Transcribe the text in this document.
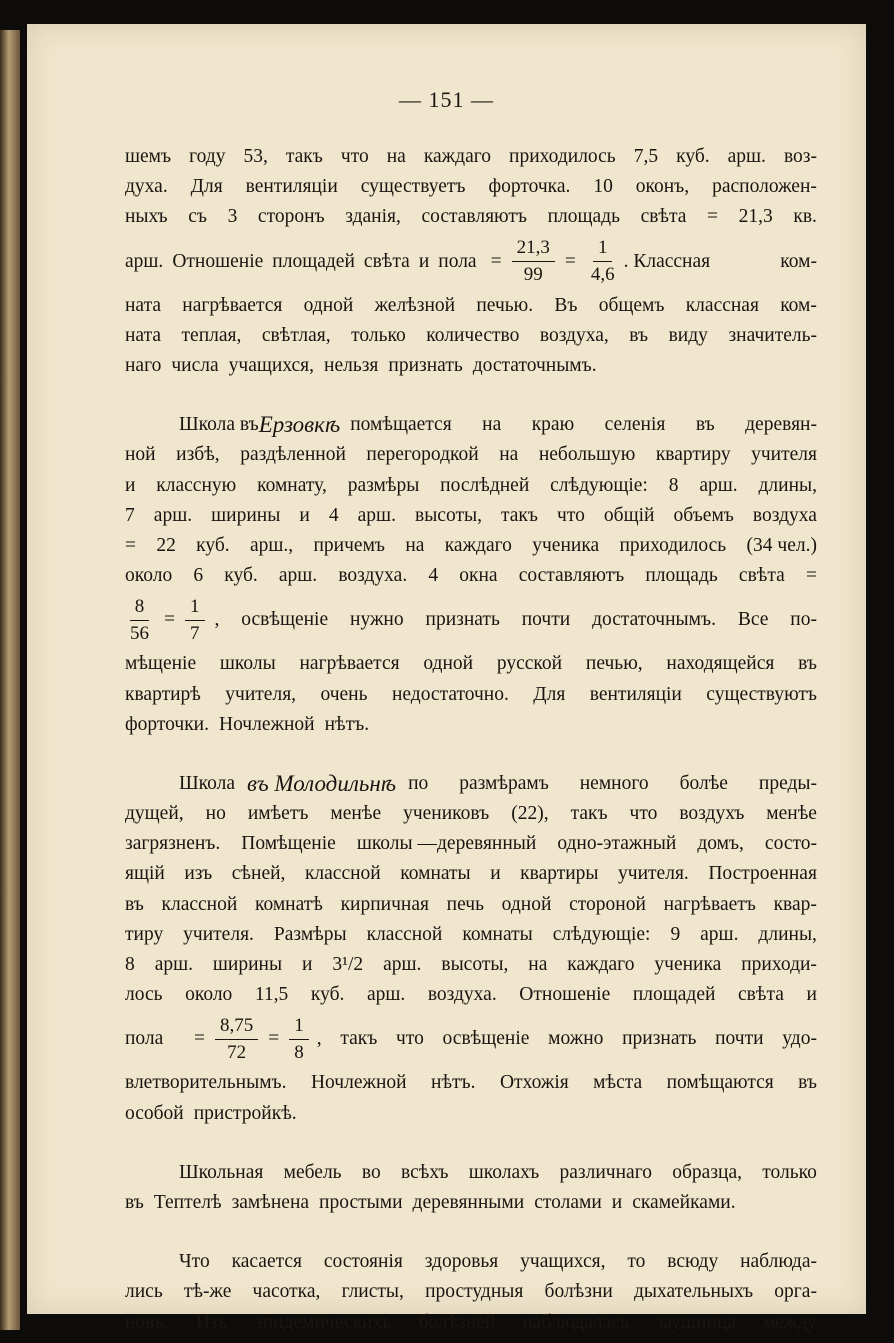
— 151 —
шемъ году 53, такъ что на каждаго приходилось 7,5 куб. арш. воз-
духа. Для вентиляціи существуетъ форточка. 10 оконъ, расположен-
ныхъ съ 3 сторонъ зданія, составляютъ площадь свѣта = 21,3 кв.
арш. Отношеніе площадей свѣта и пола = $\frac{21,3}{99} = \frac{1}{4,6}$ . Классная	ком-
ната нагрѣвается одной желѣзной печью. Въ общемъ классная ком-
ната теплая, свѣтлая, только количество воздуха, въ виду значитель-
наго числа учащихся, нельзя признать достаточнымъ.
Школа въ Ерзовкѣ помѣщается на краю селенія въ деревян-
ной избѣ, раздѣленной перегородкой на небольшую квартиру учителя
и классную комнату, размѣры послѣдней слѣдующіе: 8 арш. длины,
7 арш. ширины и 4 арш. высоты, такъ что общій объемъ воздуха
= 22 куб. арш., причемъ на каждаго ученика приходилось (34 чел.)
около 6 куб. арш. воздуха. 4 окна составляютъ площадь свѣта =
$\frac{8}{56} = \frac{1}{7}$ , освѣщеніе нужно признать почти достаточнымъ. Все по-
мѣщеніе школы нагрѣвается одной русской печью, находящейся въ
квартирѣ учителя, очень недостаточно. Для вентиляціи существуютъ
форточки. Ночлежной нѣтъ.
Школа въ Молодильнѣ по размѣрамъ немного болѣе преды-
дущей, но имѣетъ менѣе учениковъ (22), такъ что воздухъ менѣе
загрязненъ. Помѣщеніе школы —деревянный одно-этажный домъ, состо-
ящій изъ сѣней, классной комнаты и квартиры учителя. Построенная
въ классной комнатѣ кирпичная печь одной стороной нагрѣваетъ квар-
тиру учителя. Размѣры классной комнаты слѣдующіе: 9 арш. длины,
8 арш. ширины и 3¹/2 арш. высоты, на каждаго ученика приходи-
лось около 11,5 куб. арш. воздуха. Отношеніе площадей свѣта и
пола = $\frac{8,75}{72} = \frac{1}{8}$ , такъ что освѣщеніе можно признать почти удо-
влетворительнымъ. Ночлежной нѣтъ. Отхожія мѣста помѣщаются въ
особой пристройкѣ.
Школьная мебель во всѣхъ школахъ различнаго образца, только
въ Тептелѣ замѣнена простыми деревянными столами и скамейками.
Что касается состоянія здоровья учащихся, то всюду наблюда-
лись тѣ-же часотка, глисты, простудныя болѣзни дыхательныхъ орга-
новъ. Изъ эпидемическихъ болѣзней наблюдалась заушница между
